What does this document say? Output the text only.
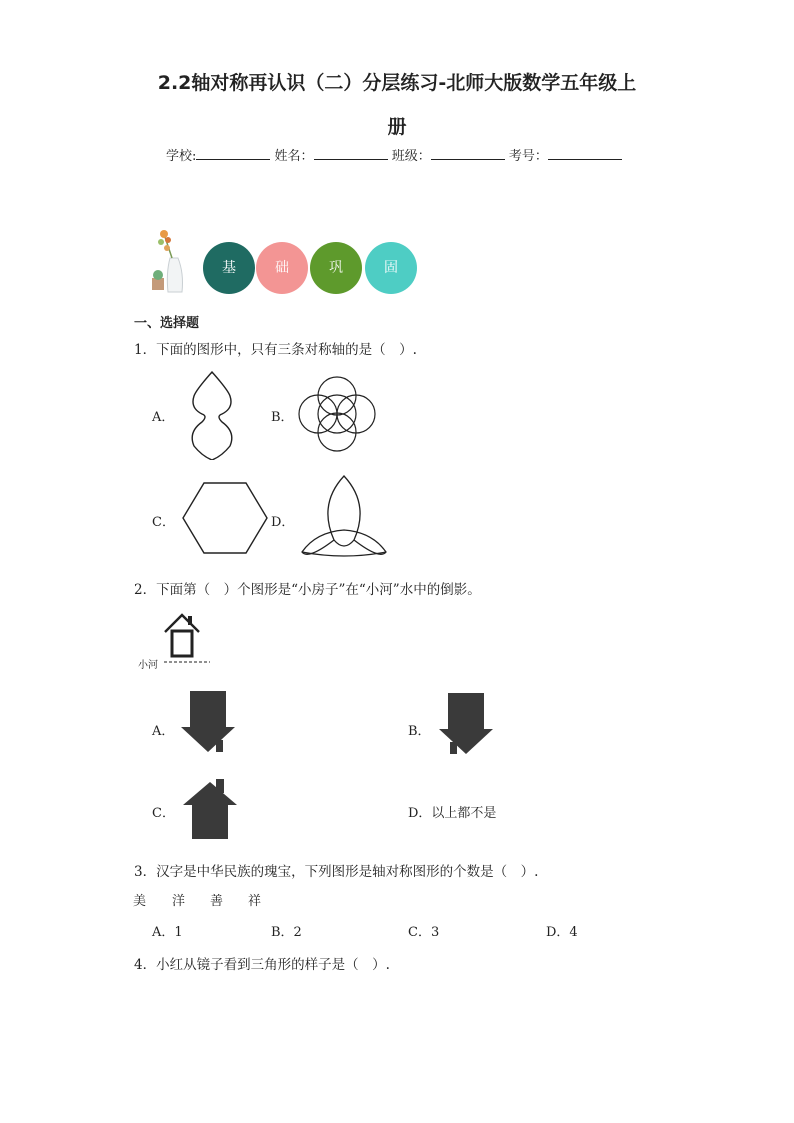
2.2轴对称再认识（二）分层练习-北师大版数学五年级上
册
学校:	姓名：	班级：	考号：
基	础	巩	固
一、选择题
1．下面的图形中，只有三条对称轴的是（　）.
A．	B．
C．	D．
2．下面第（　）个图形是“小房子”在“小河”水中的倒影。
小河
A．	B．
C．	D．以上都不是
3．汉字是中华民族的瑰宝，下列图形是轴对称图形的个数是（　）.
美 洋 善 祥
A．1	B．2	C．3	D．4
4．小红从镜子看到三角形的样子是（　）.
